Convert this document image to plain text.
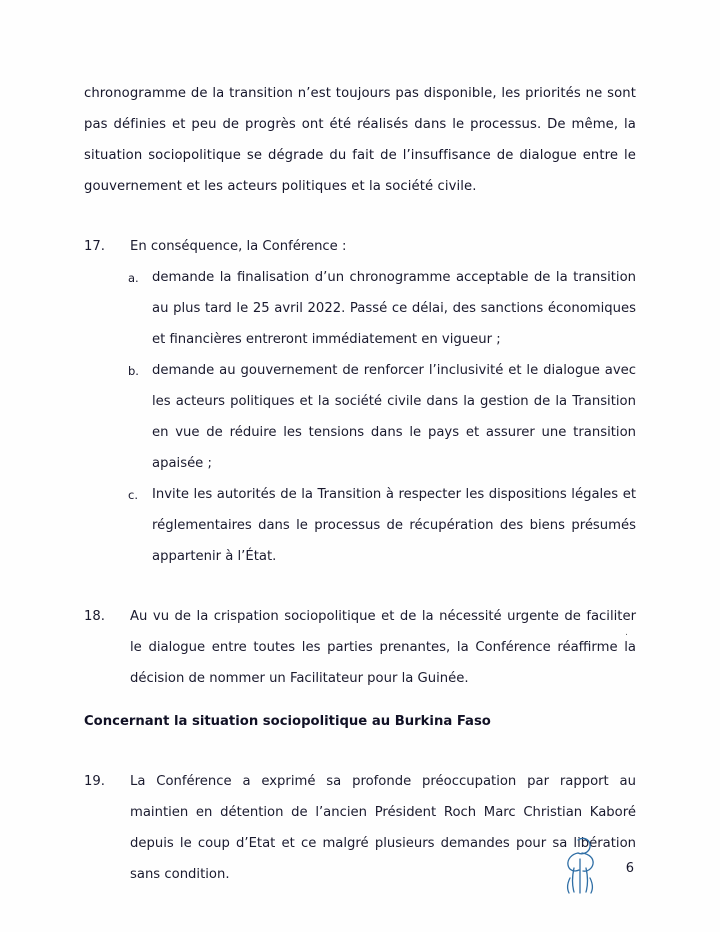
chronogramme de la transition n’est toujours pas disponible, les priorités ne sont pas définies et peu de progrès ont été réalisés dans le processus. De même, la situation sociopolitique se dégrade du fait de l’insuffisance de dialogue entre le gouvernement et les acteurs politiques et la société civile.

17.	En conséquence, la Conférence :
a.	demande la finalisation d’un chronogramme acceptable de la transition au plus tard le 25 avril 2022. Passé ce délai, des sanctions économiques et financières entreront immédiatement en vigueur ;
b. demande au gouvernement de renforcer l’inclusivité et le dialogue avec les acteurs politiques et la société civile dans la gestion de la Transition en vue de réduire les tensions dans le pays et assurer une transition apaisée ;
c.	Invite les autorités de la Transition à respecter les dispositions légales et réglementaires dans le processus de récupération des biens présumés appartenir à l’État.
18.	Au vu de la crispation sociopolitique et de la nécessité urgente de faciliter le dialogue entre toutes les parties prenantes, la Conférence réaffirme la décision de nommer un Facilitateur pour la Guinée.
Concernant la situation sociopolitique au Burkina Faso
19.	La Conférence a exprimé sa profonde préoccupation par rapport au maintien en détention de l’ancien Président Roch Marc Christian Kaboré depuis le coup d’Etat et ce malgré plusieurs demandes pour sa libération sans condition.
.
6
